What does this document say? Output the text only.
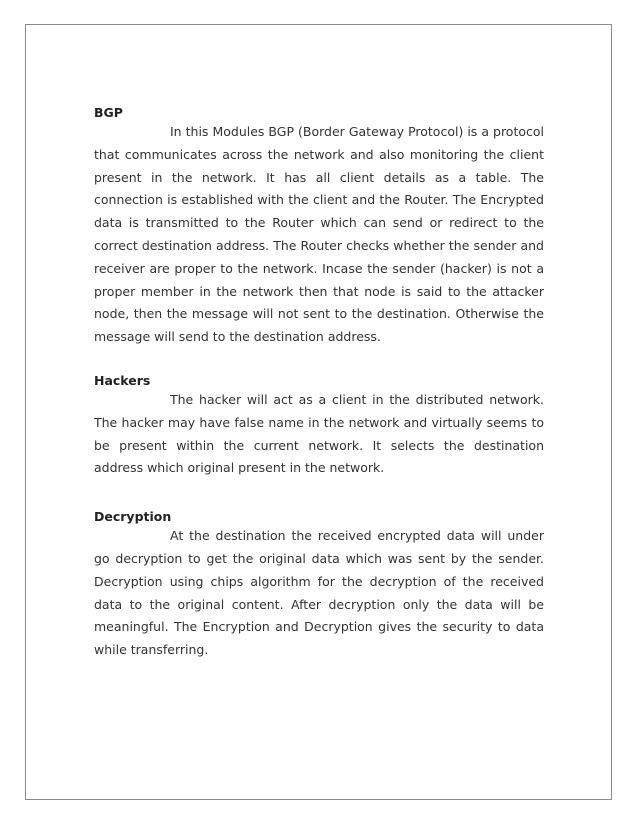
BGP

In this Modules BGP (Border Gateway Protocol) is a protocol that communicates across the network and also monitoring the client present in the network. It has all client details as a table. The connection is established with the client and the Router. The Encrypted data is transmitted to the Router which can send or redirect to the correct destination address. The Router checks whether the sender and receiver are proper to the network. Incase the sender (hacker) is not a proper member in the network then that node is said to the attacker node, then the message will not sent to the destination. Otherwise the message will send to the destination address.

Hackers

The hacker will act as a client in the distributed network. The hacker may have false name in the network and virtually seems to be present within the current network. It selects the destination address which original present in the network.

Decryption

At the destination the received encrypted data will under go decryption to get the original data which was sent by the sender. Decryption using chips algorithm for the decryption of the received data to the original content. After decryption only the data will be meaningful. The Encryption and Decryption gives the security to data while transferring.
